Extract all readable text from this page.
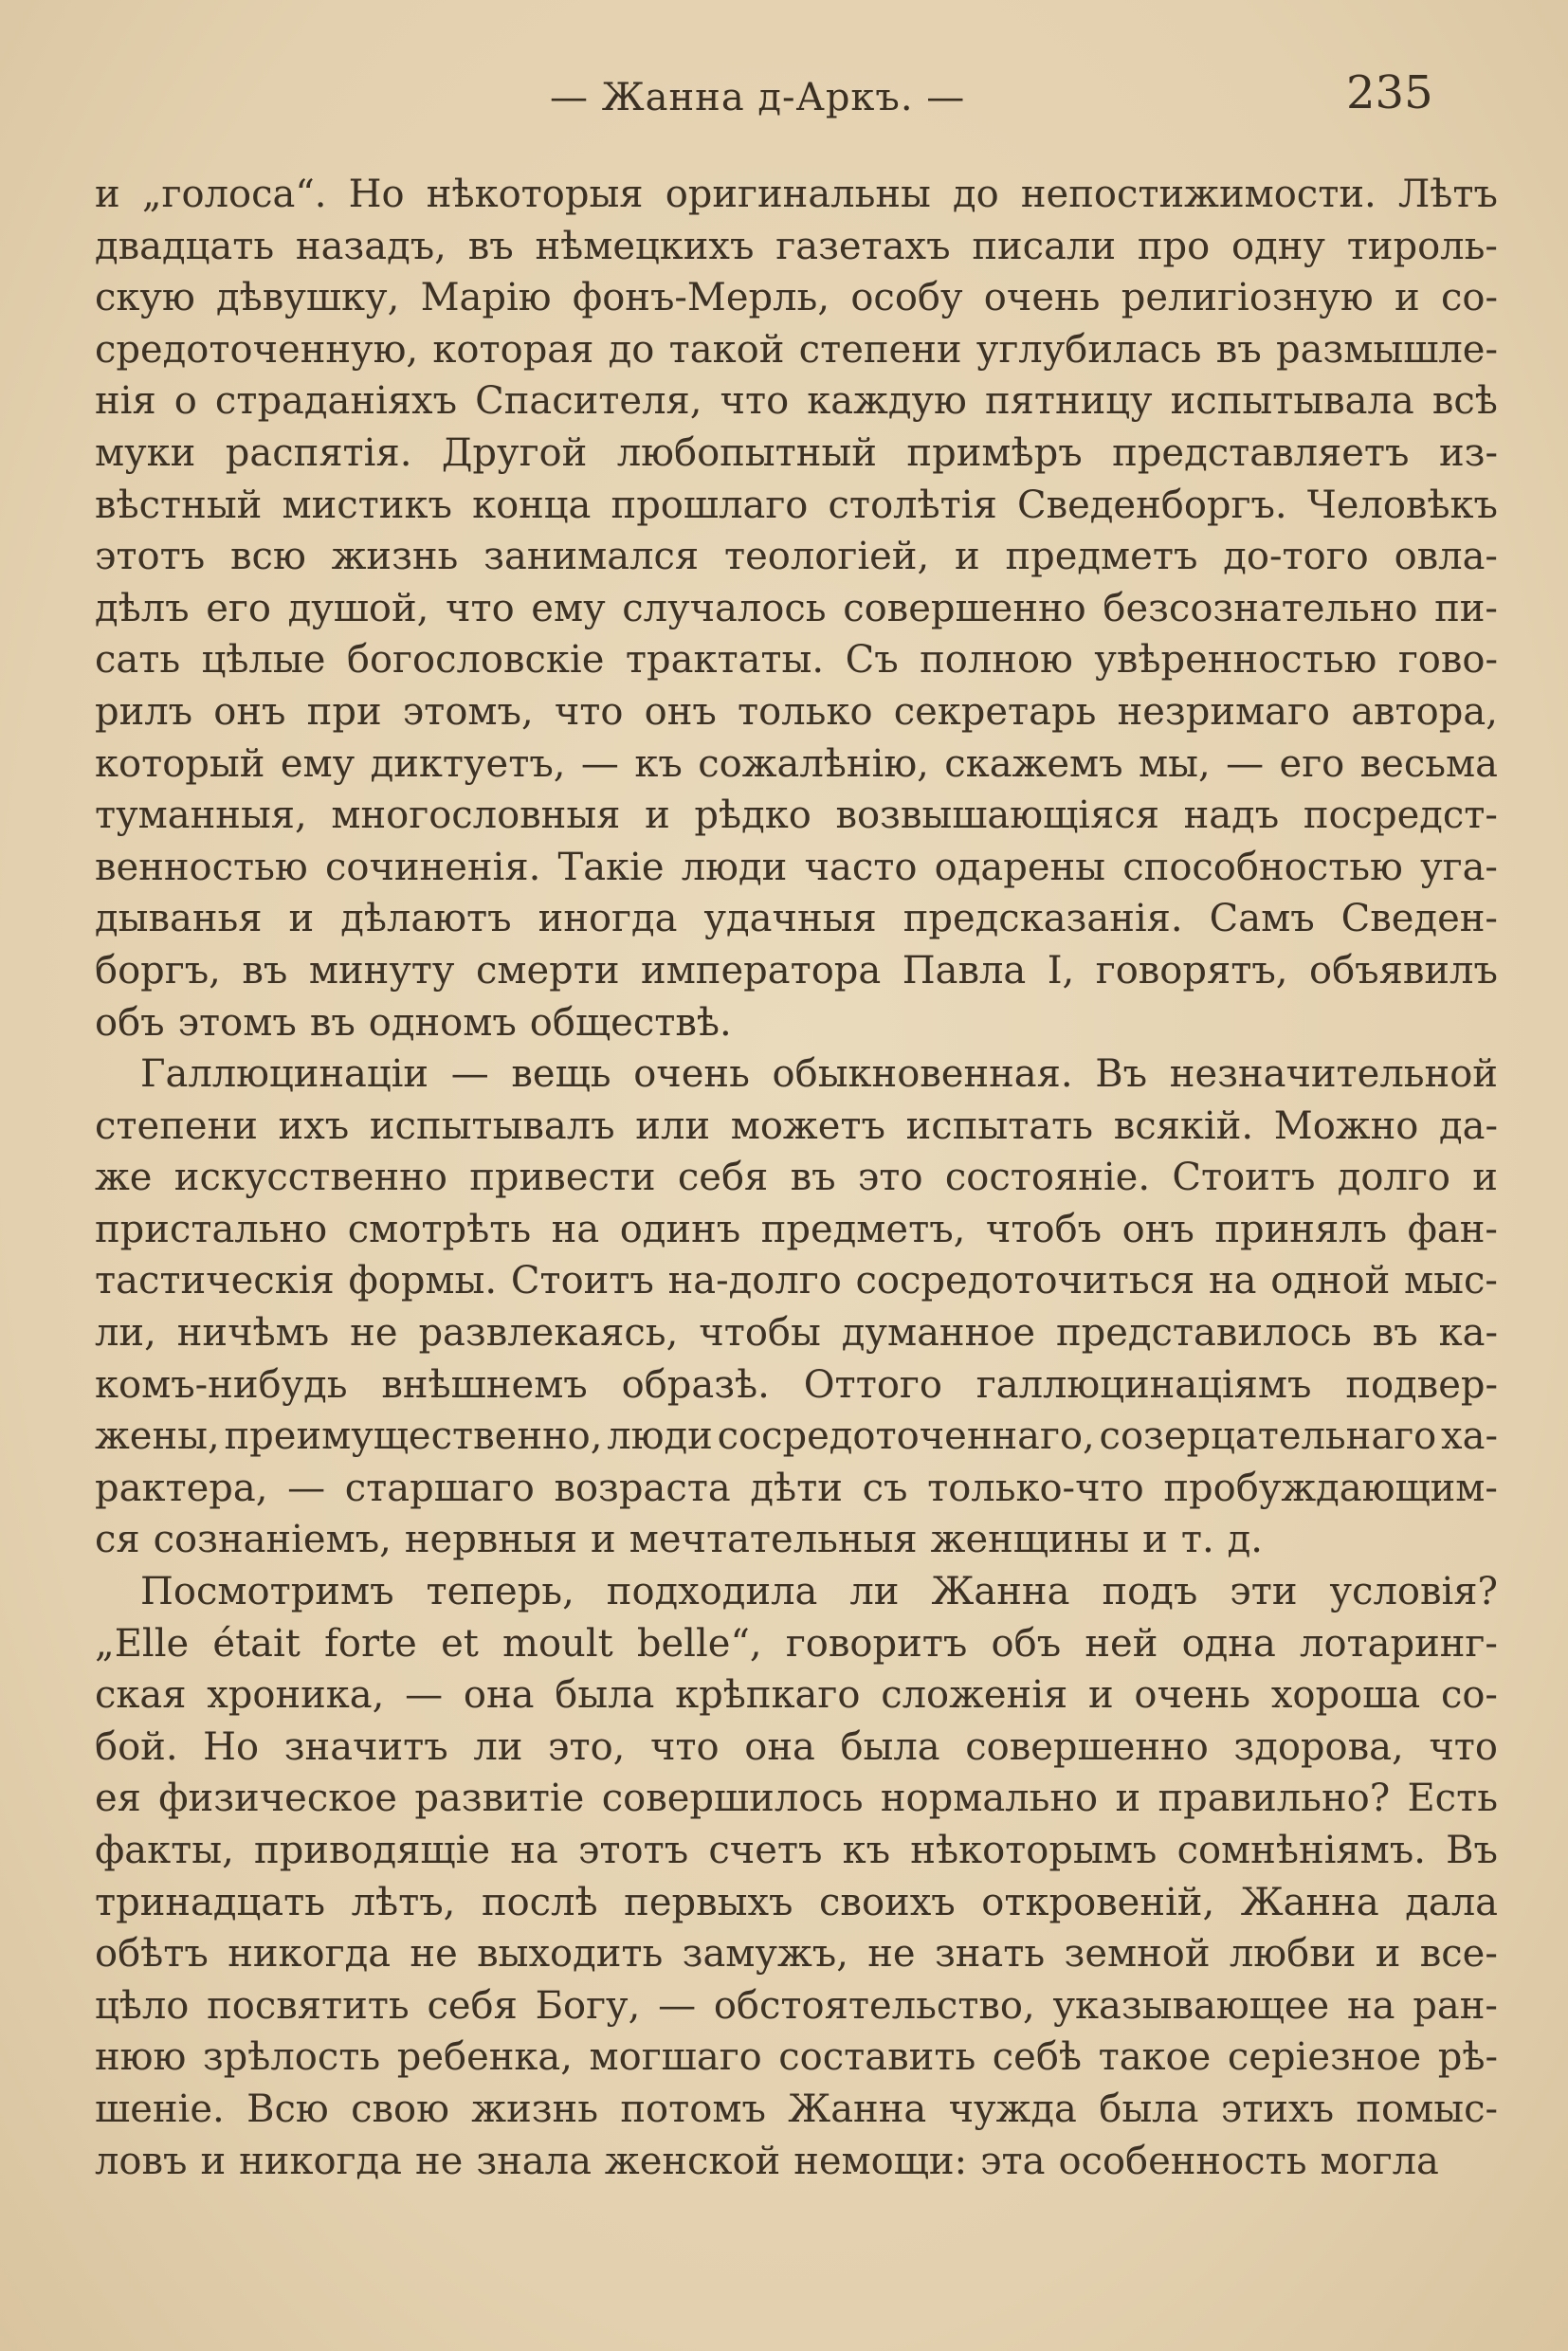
— Жанна д-Аркъ. —	235
и „голоса“. Но нѣкоторыя оригинальны до непостижимости. Лѣтъ
двадцать назадъ, въ нѣмецкихъ газетахъ писали про одну тироль-
скую дѣвушку, Марію фонъ-Мерль, особу очень религіозную и со-
средоточенную, которая до такой степени углубилась въ размышле-
нія о страданіяхъ Спасителя, что каждую пятницу испытывала всѣ
муки распятія. Другой любопытный примѣръ представляетъ из-
вѣстный мистикъ конца прошлаго столѣтія Сведенборгъ. Человѣкъ
этотъ всю жизнь занимался теологіей, и предметъ до-того овла-
дѣлъ его душой, что ему случалось совершенно безсознательно пи-
сать цѣлые богословскіе трактаты. Съ полною увѣренностью гово-
рилъ онъ при этомъ, что онъ только секретарь незримаго автора,
который ему диктуетъ, — къ сожалѣнію, скажемъ мы, — его весьма
туманныя, многословныя и рѣдко возвышающіяся надъ посредст-
венностью сочиненія. Такіе люди часто одарены способностью уга-
дыванья и дѣлаютъ иногда удачныя предсказанія. Самъ Сведен-
боргъ, въ минуту смерти императора Павла I, говорятъ, объявилъ
объ этомъ въ одномъ обществѣ.
Галлюцинаціи — вещь очень обыкновенная. Въ незначительной
степени ихъ испытывалъ или можетъ испытать всякій. Можно да-
же искусственно привести себя въ это состояніе. Стоитъ долго и
пристально смотрѣть на одинъ предметъ, чтобъ онъ принялъ фан-
тастическія формы. Стоитъ на-долго сосредоточиться на одной мыс-
ли, ничѣмъ не развлекаясь, чтобы думанное представилось въ ка-
комъ-нибудь внѣшнемъ образѣ. Оттого галлюцинаціямъ подвер-
жены, преимущественно, люди сосредоточеннаго, созерцательнаго ха-
рактера, — старшаго возраста дѣти съ только-что пробуждающим-
ся сознаніемъ, нервныя и мечтательныя женщины и т. д.
Посмотримъ теперь, подходила ли Жанна подъ эти условія?
„Elle était forte et moult belle“, говоритъ объ ней одна лотаринг-
ская хроника, — она была крѣпкаго сложенія и очень хороша со-
бой. Но значитъ ли это, что она была совершенно здорова, что
ея физическое развитіе совершилось нормально и правильно? Есть
факты, приводящіе на этотъ счетъ къ нѣкоторымъ сомнѣніямъ. Въ
тринадцать лѣтъ, послѣ первыхъ своихъ откровеній, Жанна дала
обѣтъ никогда не выходить замужъ, не знать земной любви и все-
цѣло посвятить себя Богу, — обстоятельство, указывающее на ран-
нюю зрѣлость ребенка, могшаго составить себѣ такое серіезное рѣ-
шеніе. Всю свою жизнь потомъ Жанна чужда была этихъ помыс-
ловъ и никогда не знала женской немощи: эта особенность могла
